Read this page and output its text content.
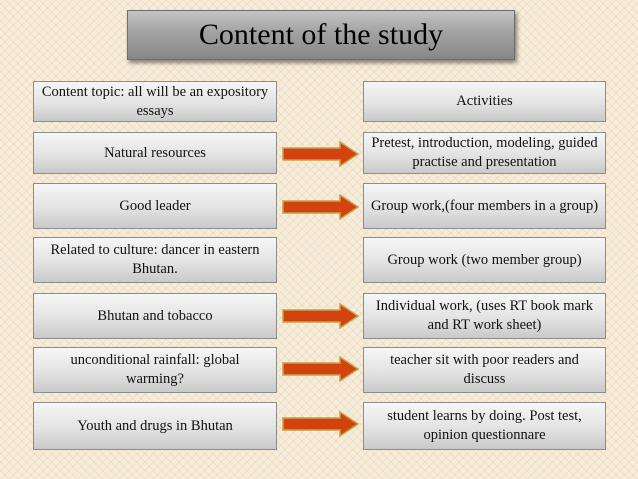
Content of the study
Content topic: all will be an expository essays
Activities
Natural resources
Pretest, introduction, modeling, guided practise and presentation
Good leader	Group work,(four members in a group)
Related to culture: dancer in eastern Bhutan.
Group work (two member group)
Bhutan and tobacco
Individual work, (uses RT book mark and RT work sheet)
unconditional rainfall: global warming?
teacher sit with poor readers and discuss
Youth and drugs in Bhutan
student learns by doing. Post test, opinion questionnare
